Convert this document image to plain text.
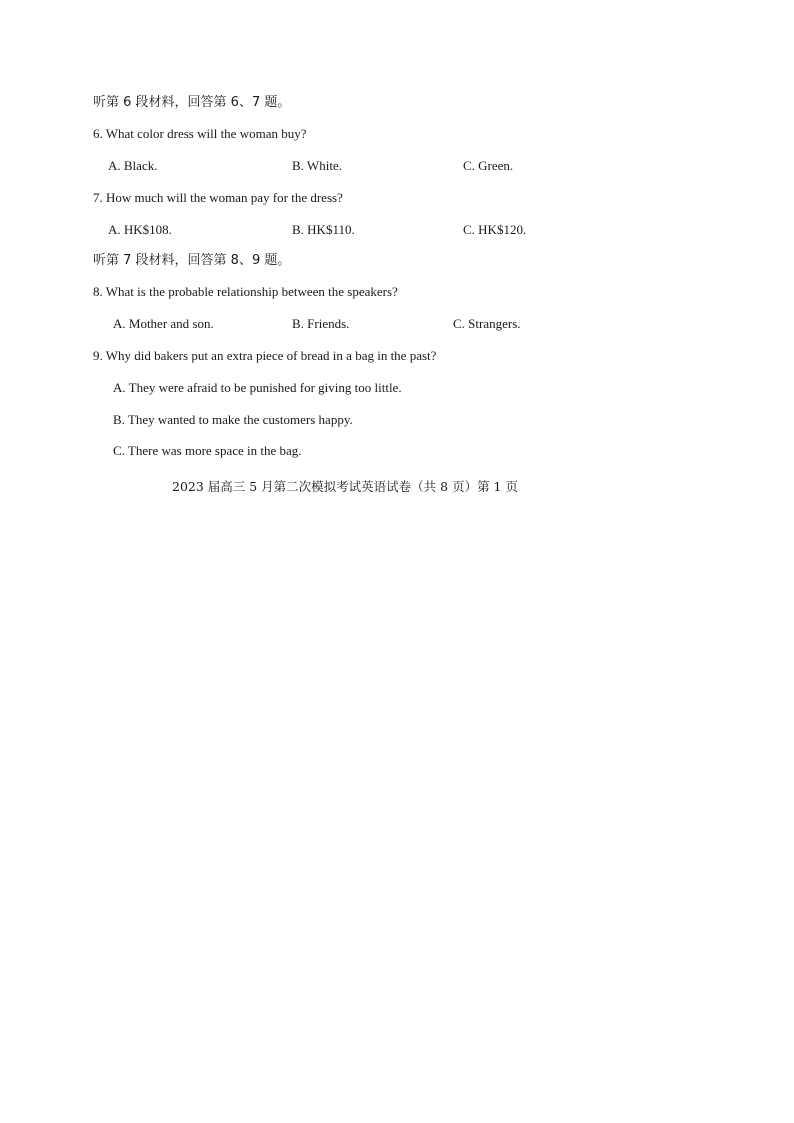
听第 6 段材料，回答第 6、7 题。
6. What color dress will the woman buy?
A. Black.	B. White.	C. Green.
7. How much will the woman pay for the dress?
A. HK$108.	B. HK$110.	C. HK$120.
听第 7 段材料，回答第 8、9 题。
8. What is the probable relationship between the speakers?
A. Mother and son.	B. Friends.	C. Strangers.
9. Why did bakers put an extra piece of bread in a bag in the past?
A. They were afraid to be punished for giving too little.
B. They wanted to make the customers happy.
C. There was more space in the bag.
2023 届高三 5 月第二次模拟考试英语试卷（共 8 页）第 1 页
